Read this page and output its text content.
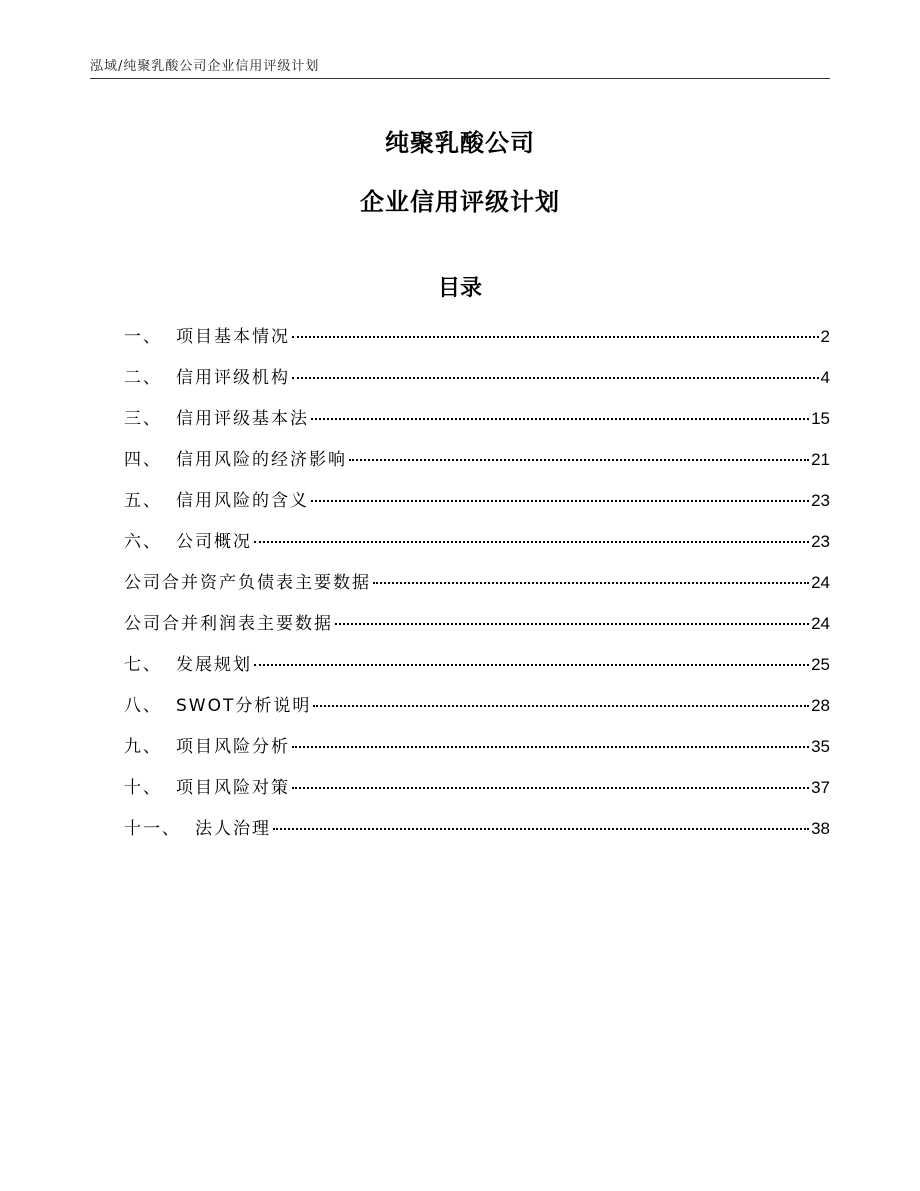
泓域/纯聚乳酸公司企业信用评级计划
纯聚乳酸公司
企业信用评级计划
目录
一、 项目基本情况	2
二、 信用评级机构	4
三、 信用评级基本法	15
四、 信用风险的经济影响	21
五、 信用风险的含义	23
六、 公司概况	23
公司合并资产负债表主要数据	24
公司合并利润表主要数据	24
七、 发展规划	25
八、 SWOT分析说明	28
九、 项目风险分析	35
十、 项目风险对策	37
十一、 法人治理	38
